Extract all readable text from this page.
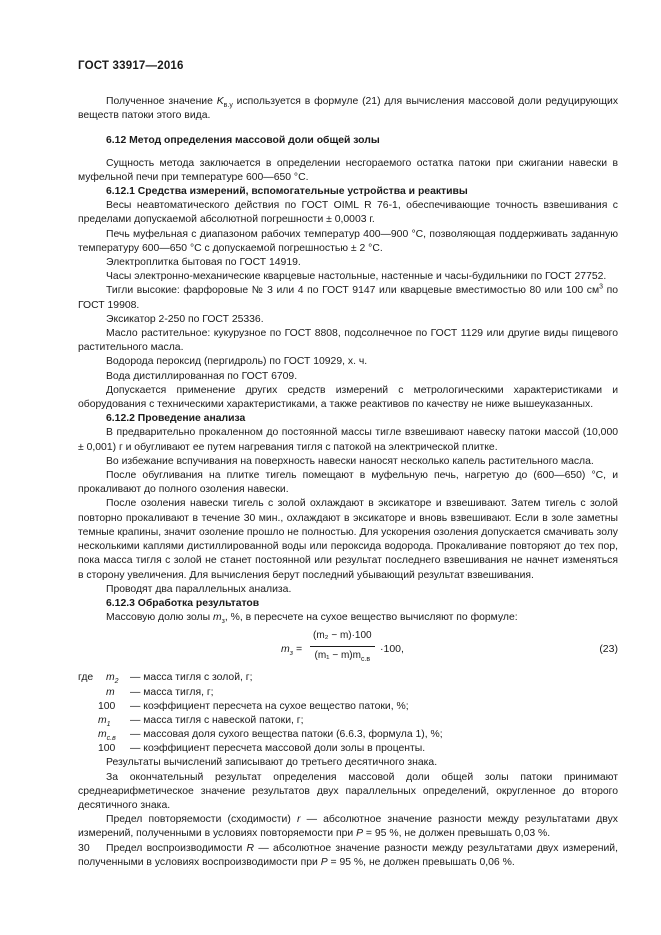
ГОСТ 33917—2016

Полученное значение $K_{в.у}$ используется в формуле (21) для вычисления массовой доли редуцирующих веществ патоки этого вида.

6.12 Метод определения массовой доли общей золы

Сущность метода заключается в определении несгораемого остатка патоки при сжигании навески в муфельной печи при температуре 600—650 °С.

6.12.1 Средства измерений, вспомогательные устройства и реактивы

Весы неавтоматического действия по ГОСТ OIML R 76-1, обеспечивающие точность взвешивания с пределами допускаемой абсолютной погрешности ± 0,0003 г.

Печь муфельная с диапазоном рабочих температур 400—900 °С, позволяющая поддерживать заданную температуру 600—650 °С с допускаемой погрешностью ± 2 °С.

Электроплитка бытовая по ГОСТ 14919.

Часы электронно-механические кварцевые настольные, настенные и часы-будильники по ГОСТ 27752.

Тигли высокие: фарфоровые № 3 или 4 по ГОСТ 9147 или кварцевые вместимостью 80 или 100 $см^3$ по ГОСТ 19908.

Эксикатор 2-250 по ГОСТ 25336.

Масло растительное: кукурузное по ГОСТ 8808, подсолнечное по ГОСТ 1129 или другие виды пищевого растительного масла.

Водорода пероксид (пергидроль) по ГОСТ 10929, х. ч.

Вода дистиллированная по ГОСТ 6709.

Допускается применение других средств измерений с метрологическими характеристиками и оборудования с техническими характеристиками, а также реактивов по качеству не ниже вышеуказанных.

6.12.2 Проведение анализа

В предварительно прокаленном до постоянной массы тигле взвешивают навеску патоки массой (10,000 ± 0,001) г и обугливают ее путем нагревания тигля с патокой на электрической плитке.

Во избежание вспучивания на поверхность навески наносят несколько капель растительного масла.

После обугливания на плитке тигель помещают в муфельную печь, нагретую до (600—650) °С, и прокаливают до полного озоления навески.

После озоления навески тигель с золой охлаждают в эксикаторе и взвешивают. Затем тигель с золой повторно прокаливают в течение 30 мин., охлаждают в эксикаторе и вновь взвешивают. Если в золе заметны темные крапины, значит озоление прошло не полностью. Для ускорения озоления допускается смачивать золу несколькими каплями дистиллированной воды или пероксида водорода. Прокаливание повторяют до тех пор, пока масса тигля с золой не станет постоянной или результат последнего взвешивания не начнет изменяться в сторону увеличения. Для вычисления берут последний убывающий результат взвешивания.

Проводят два параллельных анализа.

6.12.3 Обработка результатов

Массовую долю золы $m_з$, %, в пересчете на сухое вещество вычисляют по формуле:

$m_з$ =
(m₂ − m)·100
$(m_1 - m)m_{с.в}$
·100,	(23)
где $m_2$ — масса тигля с золой, г;
m — масса тигля, г;
100 — коэффициент пересчета на сухое вещество патоки, %;
$m_1$ — масса тигля с навеской патоки, г;
$m_{с.в}$ — массовая доля сухого вещества патоки (6.6.3, формула 1), %;
100 — коэффициент пересчета массовой доли золы в проценты.

Результаты вычислений записывают до третьего десятичного знака.

За окончательный результат определения массовой доли общей золы патоки принимают среднеарифметическое значение результатов двух параллельных определений, округленное до второго десятичного знака.

Предел повторяемости (сходимости) r — абсолютное значение разности между результатами двух измерений, полученными в условиях повторяемости при P = 95 %, не должен превышать 0,03 %.

Предел воспроизводимости R — абсолютное значение разности между результатами двух измерений, полученными в условиях воспроизводимости при P = 95 %, не должен превышать 0,06 %.

30
